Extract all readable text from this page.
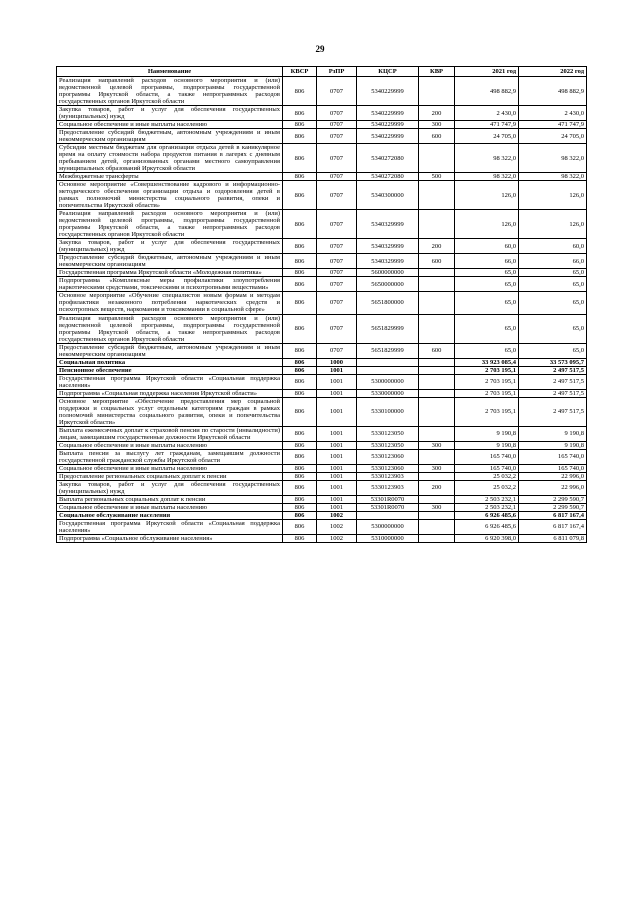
29
Наименование	КВСР	РзПР	КЦСР	КВР	2021 год	2022 год
Реализация направлений расходов основного мероприятия и (или) ведомственной целевой программы, подпрограммы государственной программы Иркутской области, а также непрограммных расходов государственных органов Иркутской области	806	0707	5340229999		498 882,9	498 882,9
Закупка товаров, работ и услуг для обеспечения государственных (муниципальных) нужд	806	0707	5340229999	200	2 430,0	2 430,0
Социальное обеспечение и иные выплаты населению	806	0707	5340229999	300	471 747,9	471 747,9
Предоставление субсидий бюджетным, автономным учреждениям и иным некоммерческим организациям	806	0707	5340229999	600	24 705,0	24 705,0
Субсидии местным бюджетам для организации отдыха детей в каникулярное время на оплату стоимости набора продуктов питания в лагерях с дневным пребыванием детей, организованных органами местного самоуправления муниципальных образований Иркутской области	806	0707	5340272080		98 322,0	98 322,0
Межбюджетные трансферты	806	0707	5340272080	500	98 322,0	98 322,0
Основное мероприятие «Совершенствование кадрового и информационно-методического обеспечения организации отдыха и оздоровления детей в рамках полномочий министерства социального развития, опеки и попечительства Иркутской области»	806	0707	5340300000		126,0	126,0
Реализация направлений расходов основного мероприятия и (или) ведомственной целевой программы, подпрограммы государственной программы Иркутской области, а также непрограммных расходов государственных органов Иркутской области	806	0707	5340329999		126,0	126,0
Закупка товаров, работ и услуг для обеспечения государственных (муниципальных) нужд	806	0707	5340329999	200	60,0	60,0
Предоставление субсидий бюджетным, автономным учреждениям и иным некоммерческим организациям	806	0707	5340329999	600	66,0	66,0
Государственная программа Иркутской области «Молодежная политика»	806	0707	5600000000		65,0	65,0
Подпрограмма «Комплексные меры профилактики злоупотребления наркотическими средствами, токсическими и психотропными веществами»	806	0707	5650000000		65,0	65,0
Основное мероприятие «Обучение специалистов новым формам и методам профилактики незаконного потребления наркотических средств и психотропных веществ, наркомании и токсикомании в социальной сфере»	806	0707	5651800000		65,0	65,0
Реализация направлений расходов основного мероприятия и (или) ведомственной целевой программы, подпрограммы государственной программы Иркутской области, а также непрограммных расходов государственных органов Иркутской области	806	0707	5651829999		65,0	65,0
Предоставление субсидий бюджетным, автономным учреждениям и иным некоммерческим организациям	806	0707	5651829999	600	65,0	65,0
Социальная политика	806	1000			33 923 085,4	33 573 095,7
Пенсионное обеспечение	806	1001			2 703 195,1	2 497 517,5
Государственная программа Иркутской области «Социальная поддержка населения»	806	1001	5300000000		2 703 195,1	2 497 517,5
Подпрограмма «Социальная поддержка населения Иркутской области»	806	1001	5330000000		2 703 195,1	2 497 517,5
Основное мероприятие «Обеспечение предоставления мер социальной поддержки и социальных услуг отдельным категориям граждан в рамках полномочий министерства социального развития, опеки и попечительства Иркутской области»	806	1001	5330100000		2 703 195,1	2 497 517,5
Выплата ежемесячных доплат к страховой пенсии по старости (инвалидности) лицам, замещавшим государственные должности Иркутской области	806	1001	5330123050		9 190,8	9 190,8
Социальное обеспечение и иные выплаты населению	806	1001	5330123050	300	9 190,8	9 190,8
Выплата пенсии за выслугу лет гражданам, замещавшим должности государственной гражданской службы Иркутской области	806	1001	5330123060		165 740,0	165 740,0
Социальное обеспечение и иные выплаты населению	806	1001	5330123060	300	165 740,0	165 740,0
Предоставление региональных социальных доплат к пенсии	806	1001	5330123903		25 032,2	22 996,0
Закупка товаров, работ и услуг для обеспечения государственных (муниципальных) нужд	806	1001	5330123903	200	25 032,2	22 996,0
Выплата региональных социальных доплат к пенсии	806	1001	53301R0070		2 503 232,1	2 299 590,7
Социальное обеспечение и иные выплаты населению	806	1001	53301R0070	300	2 503 232,1	2 299 590,7
Социальное обслуживание населения	806	1002			6 926 485,6	6 817 167,4
Государственная программа Иркутской области «Социальная поддержка населения»	806	1002	5300000000		6 926 485,6	6 817 167,4
Подпрограмма «Социальное обслуживание населения»	806	1002	5310000000		6 920 398,0	6 811 079,8
